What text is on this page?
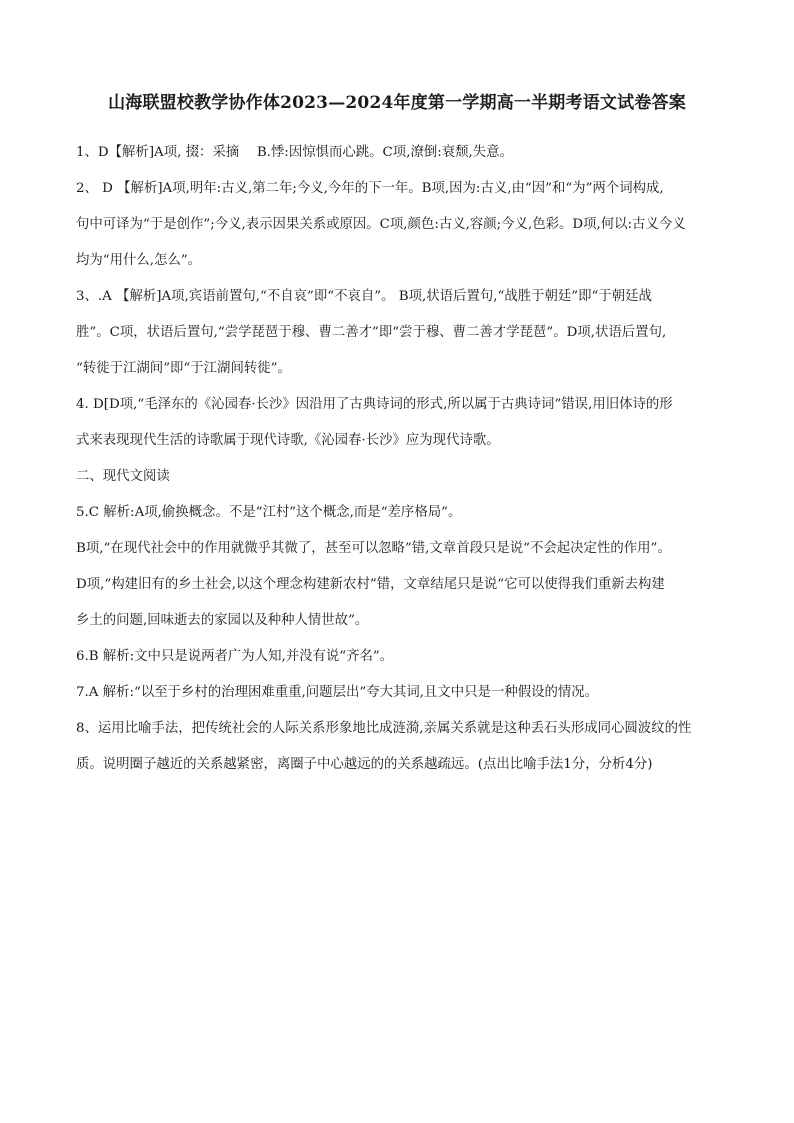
山海联盟校教学协作体2023—2024年度第一学期高一半期考语文试卷答案
1、D【解析]A项, 掇：采摘　 B.悸:因惊惧而心跳。C项,潦倒:衰颓,失意。
2、 D 【解析]A项,明年:古义,第二年;今义,今年的下一年。B项,因为:古义,由“因”和“为”两个词构成,
句中可译为“于是创作”;今义,表示因果关系或原因。C项,颜色:古义,容颜;今义,色彩。D项,何以:古义今义
均为“用什么,怎么”。
3、.A 【解析]A项,宾语前置句,“不自哀”即“不哀自”。 B项,状语后置句,“战胜于朝廷”即“于朝廷战
胜”。C项，状语后置句,“尝学琵琶于穆、曹二善才”即“尝于穆、曹二善才学琵琶”。D项,状语后置句,
“转徙于江湖间”即“于江湖间转徙”。
4. D[D项,“毛泽东的《沁园春·长沙》因沿用了古典诗词的形式,所以属于古典诗词”错误,用旧体诗的形
式来表现现代生活的诗歌属于现代诗歌,《沁园春·长沙》应为现代诗歌。
二、现代文阅读
5.C 解析:A项,偷换概念。不是“江村”这个概念,而是“差序格局”。
B项,“在现代社会中的作用就微乎其微了，甚至可以忽略”错,文章首段只是说“不会起决定性的作用”。
D项,“构建旧有的乡土社会,以这个理念构建新农村”错，文章结尾只是说“它可以使得我们重新去构建
乡土的问题,回味逝去的家园以及种种人情世故”。
6.B 解析:文中只是说两者广为人知,并没有说“齐名”。
7.A 解析:“以至于乡村的治理困难重重,问题层出”夸大其词,且文中只是一种假设的情况。
8、运用比喻手法，把传统社会的人际关系形象地比成涟漪,亲属关系就是这种丢石头形成同心圆波纹的性
质。说明圈子越近的关系越紧密，离圈子中心越远的的关系越疏远。(点出比喻手法1分，分析4分)
